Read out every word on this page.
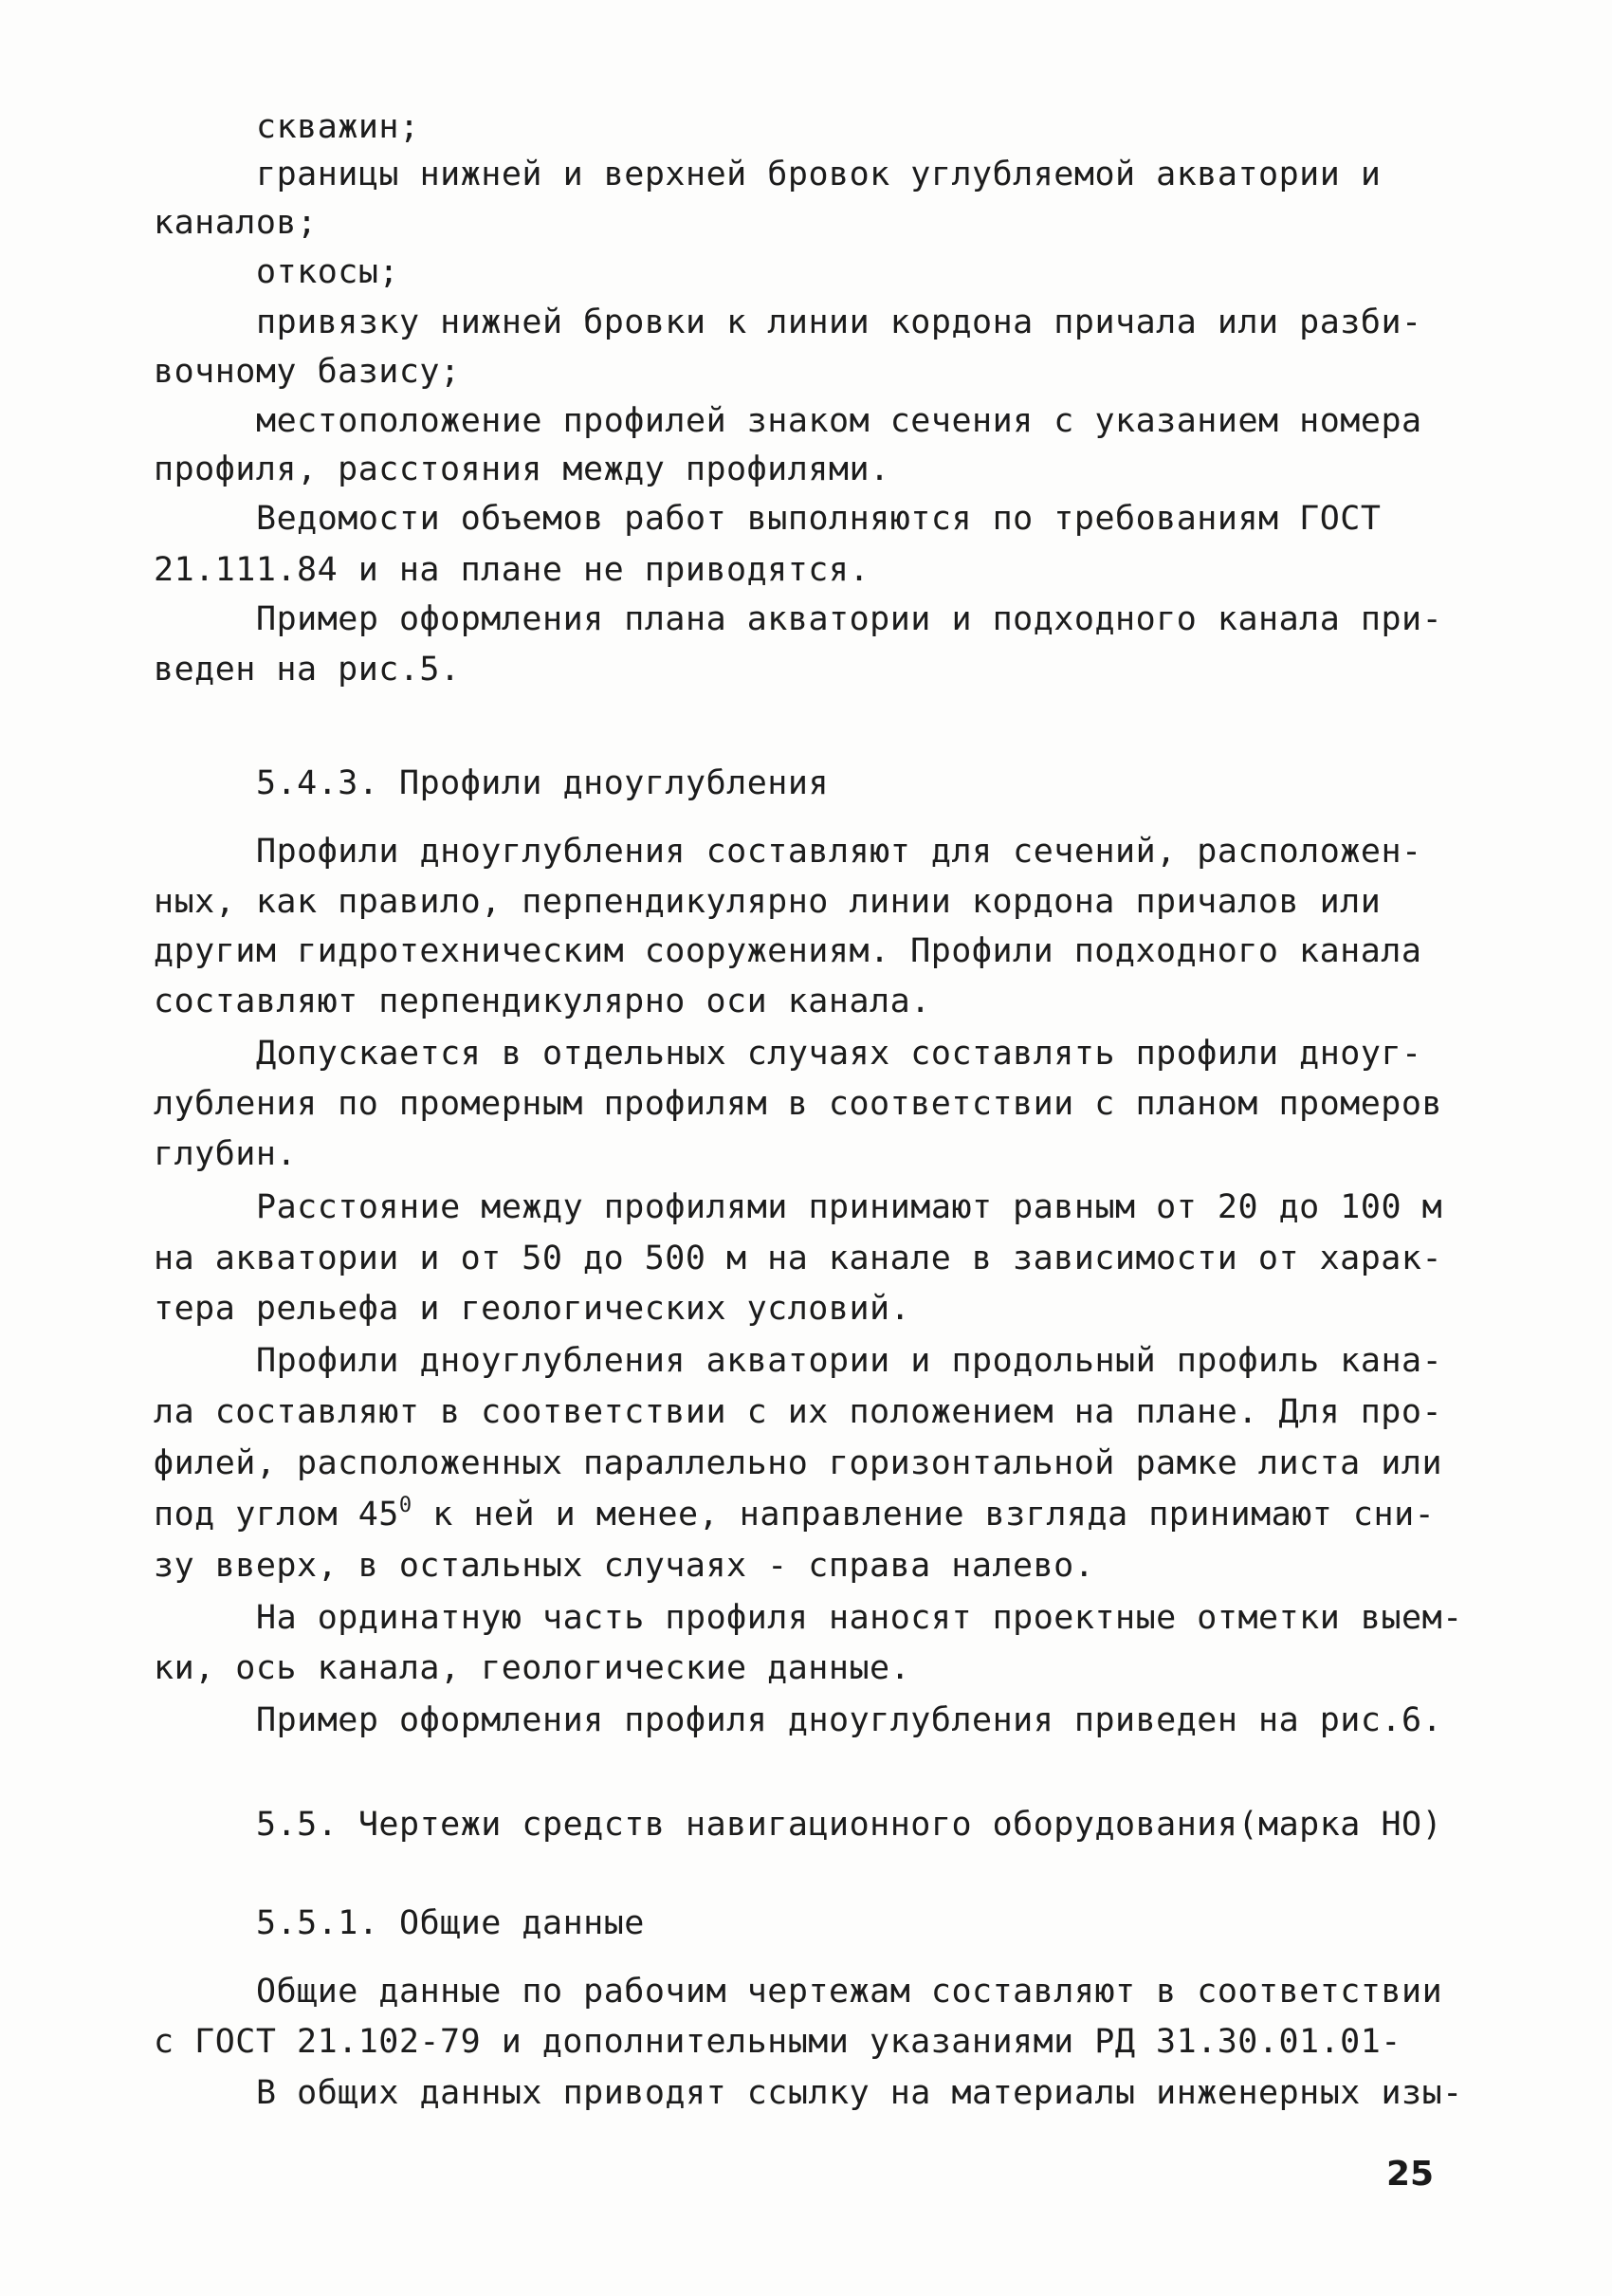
скважин;
границы нижней и верхней бровок углубляемой акватории и
каналов;
откосы;
привязку нижней бровки к линии кордона причала или разби-
вочному базису;
местоположение профилей знаком сечения с указанием номера
профиля, расстояния между профилями.
Ведомости объемов работ выполняются по требованиям ГОСТ
21.111.84 и на плане не приводятся.
Пример оформления плана акватории и подходного канала при-
веден на рис.5.
5.4.3. Профили дноуглубления
Профили дноуглубления составляют для сечений, расположен-
ных, как правило, перпендикулярно линии кордона причалов или
другим гидротехническим сооружениям. Профили подходного канала
составляют перпендикулярно оси канала.
Допускается в отдельных случаях составлять профили дноуг-
лубления по промерным профилям в соответствии с планом промеров
глубин.
Расстояние между профилями принимают равным от 20 до 100 м
на акватории и от 50 до 500 м на канале в зависимости от харак-
тера рельефа и геологических условий.
Профили дноуглубления акватории и продольный профиль кана-
ла составляют в соответствии с их положением на плане. Для про-
филей, расположенных параллельно горизонтальной рамке листа или
под углом $45^0$ к ней и менее, направление взгляда принимают сни-
зу вверх, в остальных случаях - справа налево.
На ординатную часть профиля наносят проектные отметки выем-
ки, ось канала, геологические данные.
Пример оформления профиля дноуглубления приведен на рис.6.
5.5. Чертежи средств навигационного оборудования(марка НО)
5.5.1. Общие данные
Общие данные по рабочим чертежам составляют в соответствии
с ГОСТ 21.102-79 и дополнительными указаниями РД 31.30.01.01-
В общих данных приводят ссылку на материалы инженерных изы-
25
